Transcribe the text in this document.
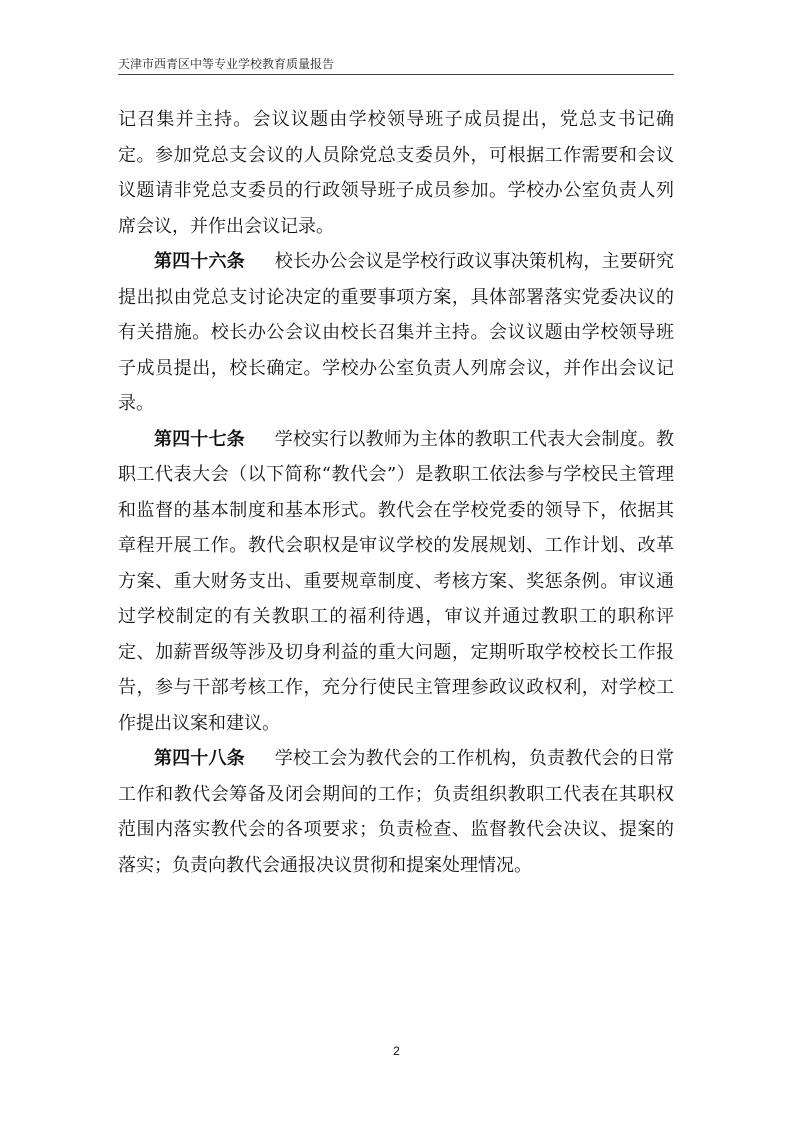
天津市西青区中等专业学校教育质量报告

记召集并主持。会议议题由学校领导班子成员提出，党总支书记确定。参加党总支会议的人员除党总支委员外，可根据工作需要和会议议题请非党总支委员的行政领导班子成员参加。学校办公室负责人列席会议，并作出会议记录。

第四十六条 校长办公会议是学校行政议事决策机构，主要研究提出拟由党总支讨论决定的重要事项方案，具体部署落实党委决议的有关措施。校长办公会议由校长召集并主持。会议议题由学校领导班子成员提出，校长确定。学校办公室负责人列席会议，并作出会议记录。

第四十七条 学校实行以教师为主体的教职工代表大会制度。教职工代表大会（以下简称“教代会”）是教职工依法参与学校民主管理和监督的基本制度和基本形式。教代会在学校党委的领导下，依据其章程开展工作。教代会职权是审议学校的发展规划、工作计划、改革方案、重大财务支出、重要规章制度、考核方案、奖惩条例。审议通过学校制定的有关教职工的福利待遇，审议并通过教职工的职称评定、加薪晋级等涉及切身利益的重大问题，定期听取学校校长工作报告，参与干部考核工作，充分行使民主管理参政议政权利，对学校工作提出议案和建议。

第四十八条 学校工会为教代会的工作机构，负责教代会的日常工作和教代会筹备及闭会期间的工作；负责组织教职工代表在其职权范围内落实教代会的各项要求；负责检查、监督教代会决议、提案的落实；负责向教代会通报决议贯彻和提案处理情况。

2
